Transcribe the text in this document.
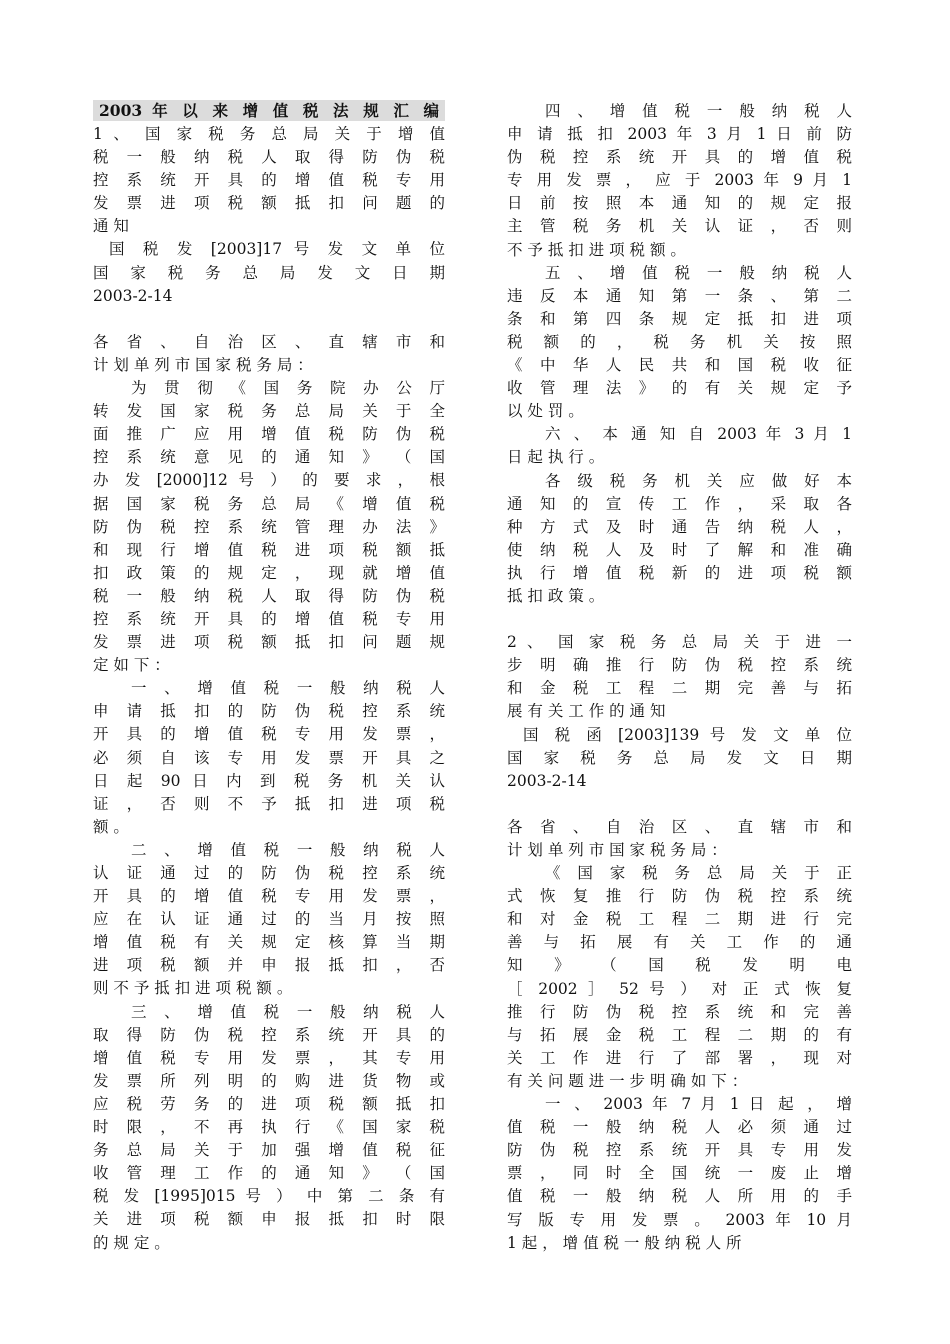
2003 年 以 来 增 值 税 法 规 汇 编
1 、 国 家 税 务 总 局 关 于 增 值
税 一 般 纳 税 人 取 得 防 伪 税
控 系 统 开 具 的 增 值 税 专 用
发 票 进 项 税 额 抵 扣 问 题 的
通 知
国 税 发 [2003]17 号 发 文 单 位
国 家 税 务 总 局 发 文 日 期
2003-2-14
各 省 、 自 治 区 、 直 辖 市 和
计 划 单 列 市 国 家 税 务 局 ：
为 贯 彻 《 国 务 院 办 公 厅
转 发 国 家 税 务 总 局 关 于 全
面 推 广 应 用 增 值 税 防 伪 税
控 系 统 意 见 的 通 知 》 （ 国
办 发 [2000]12 号 ） 的 要 求 ， 根
据 国 家 税 务 总 局 《 增 值 税
防 伪 税 控 系 统 管 理 办 法 》
和 现 行 增 值 税 进 项 税 额 抵
扣 政 策 的 规 定 ， 现 就 增 值
税 一 般 纳 税 人 取 得 防 伪 税
控 系 统 开 具 的 增 值 税 专 用
发 票 进 项 税 额 抵 扣 问 题 规
定 如 下 ：
一 、 增 值 税 一 般 纳 税 人
申 请 抵 扣 的 防 伪 税 控 系 统
开 具 的 增 值 税 专 用 发 票 ，
必 须 自 该 专 用 发 票 开 具 之
日 起 90 日 内 到 税 务 机 关 认
证 ， 否 则 不 予 抵 扣 进 项 税
额 。
二 、 增 值 税 一 般 纳 税 人
认 证 通 过 的 防 伪 税 控 系 统
开 具 的 增 值 税 专 用 发 票 ，
应 在 认 证 通 过 的 当 月 按 照
增 值 税 有 关 规 定 核 算 当 期
进 项 税 额 并 申 报 抵 扣 ， 否
则 不 予 抵 扣 进 项 税 额 。
三 、 增 值 税 一 般 纳 税 人
取 得 防 伪 税 控 系 统 开 具 的
增 值 税 专 用 发 票 ， 其 专 用
发 票 所 列 明 的 购 进 货 物 或
应 税 劳 务 的 进 项 税 额 抵 扣
时 限 ， 不 再 执 行 《 国 家 税
务 总 局 关 于 加 强 增 值 税 征
收 管 理 工 作 的 通 知 》 （ 国
税 发 [1995]015 号 ） 中 第 二 条 有
关 进 项 税 额 申 报 抵 扣 时 限
的 规 定 。
四 、 增 值 税 一 般 纳 税 人
申 请 抵 扣 2003 年 3 月 1 日 前 防
伪 税 控 系 统 开 具 的 增 值 税
专 用 发 票 ， 应 于 2003 年 9 月 1
日 前 按 照 本 通 知 的 规 定 报
主 管 税 务 机 关 认 证 ， 否 则
不 予 抵 扣 进 项 税 额 。
五 、 增 值 税 一 般 纳 税 人
违 反 本 通 知 第 一 条 、 第 二
条 和 第 四 条 规 定 抵 扣 进 项
税 额 的 ， 税 务 机 关 按 照
《 中 华 人 民 共 和 国 税 收 征
收 管 理 法 》 的 有 关 规 定 予
以 处 罚 。
六 、 本 通 知 自 2003 年 3 月 1
日 起 执 行 。
各 级 税 务 机 关 应 做 好 本
通 知 的 宣 传 工 作 ， 采 取 各
种 方 式 及 时 通 告 纳 税 人 ，
使 纳 税 人 及 时 了 解 和 准 确
执 行 增 值 税 新 的 进 项 税 额
抵 扣 政 策 。
2 、 国 家 税 务 总 局 关 于 进 一
步 明 确 推 行 防 伪 税 控 系 统
和 金 税 工 程 二 期 完 善 与 拓
展 有 关 工 作 的 通 知
国 税 函 [2003]139 号 发 文 单 位
国 家 税 务 总 局 发 文 日 期
2003-2-14
各 省 、 自 治 区 、 直 辖 市 和
计 划 单 列 市 国 家 税 务 局 ：
《 国 家 税 务 总 局 关 于 正
式 恢 复 推 行 防 伪 税 控 系 统
和 对 金 税 工 程 二 期 进 行 完
善 与 拓 展 有 关 工 作 的 通
知 》 （ 国 税 发 明 电
［ 2002 ］ 52 号 ） 对 正 式 恢 复
推 行 防 伪 税 控 系 统 和 完 善
与 拓 展 金 税 工 程 二 期 的 有
关 工 作 进 行 了 部 署 ， 现 对
有 关 问 题 进 一 步 明 确 如 下 ：
一 、 2003 年 7 月 1 日 起 ， 增
值 税 一 般 纳 税 人 必 须 通 过
防 伪 税 控 系 统 开 具 专 用 发
票 ， 同 时 全 国 统 一 废 止 增
值 税 一 般 纳 税 人 所 用 的 手
写 版 专 用 发 票 。 2003 年 10 月
1 起 ， 增 值 税 一 般 纳 税 人 所
